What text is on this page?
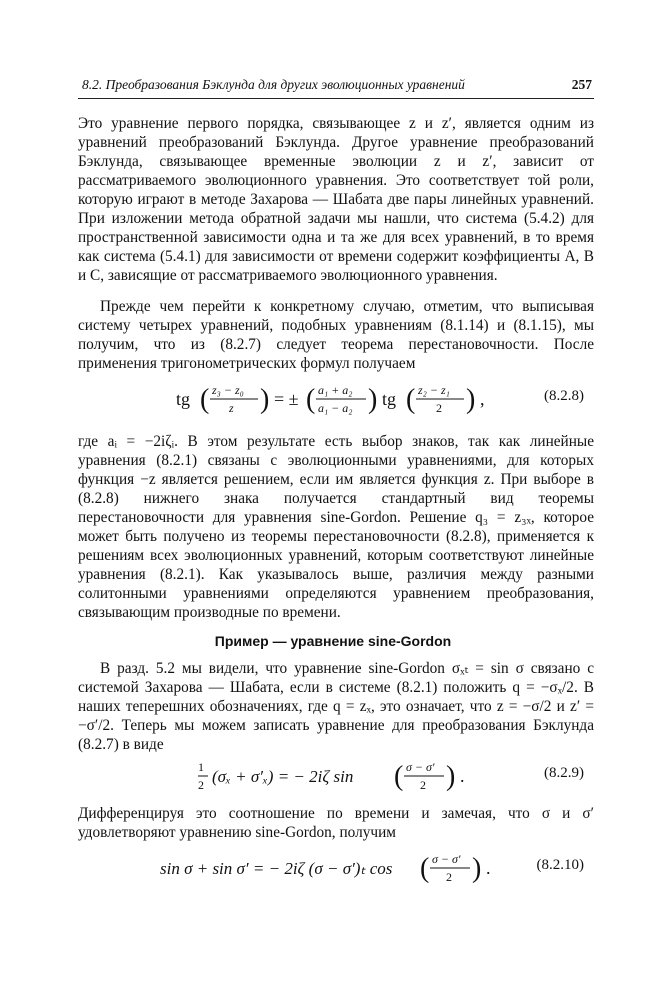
8.2. Преобразования Бэклунда для других эволюционных уравнений	257

Это уравнение первого порядка, связывающее z и z′, является одним из уравнений преобразований Бэклунда. Другое уравнение преобразований Бэклунда, связывающее временные эволюции z и z′, зависит от рассматриваемого эволюционного уравнения. Это соответствует той роли, которую играют в методе Захарова — Шабата две пары линейных уравнений. При изложении метода обратной задачи мы нашли, что система (5.4.2) для пространственной зависимости одна и та же для всех уравнений, в то время как система (5.4.1) для зависимости от времени содержит коэффициенты A, B и C, зависящие от рассматриваемого эволюционного уравнения.

Прежде чем перейти к конкретному случаю, отметим, что выписывая систему четырех уравнений, подобных уравнениям (8.1.14) и (8.1.15), мы получим, что из (8.2.7) следует теорема перестановочности. После применения тригонометрических формул получаем

tg ( z₃ − z₀
z ) = ± ( a₁ + a₂
a₁ − a₂ ) tg ( z₂ − z₁
2 ) ,	(8.2.8)

где aᵢ = −2iζᵢ. В этом результате есть выбор знаков, так как линейные уравнения (8.2.1) связаны с эволюционными уравнениями, для которых функция −z является решением, если им является функция z. При выборе в (8.2.8) нижнего знака получается стандартный вид теоремы перестановочности для уравнения sine-Gordon. Решение q₃ = z₃ₓ, которое может быть получено из теоремы перестановочности (8.2.8), применяется к решениям всех эволюционных уравнений, которым соответствуют линейные уравнения (8.2.1). Как указывалось выше, различия между разными солитонными уравнениями определяются уравнением преобразования, связывающим производные по времени.

Пример — уравнение sine-Gordon

В разд. 5.2 мы видели, что уравнение sine-Gordon σₓₜ = sin σ связано с системой Захарова — Шабата, если в системе (8.2.1) положить q = −σₓ/2. В наших теперешних обозначениях, где q = zₓ, это означает, что z = −σ/2 и z′ = −σ′/2. Теперь мы можем записать уравнение для преобразования Бэклунда (8.2.7) в виде

1
2 (σₓ + σ′ₓ) = − 2iζ sin ( σ − σ′
2 ) .	(8.2.9)

Дифференцируя это соотношение по времени и замечая, что σ и σ′ удовлетворяют уравнению sine-Gordon, получим

sin σ + sin σ′ = − 2iζ (σ − σ′)ₜ cos ( σ − σ′
2 ) .	(8.2.10)
